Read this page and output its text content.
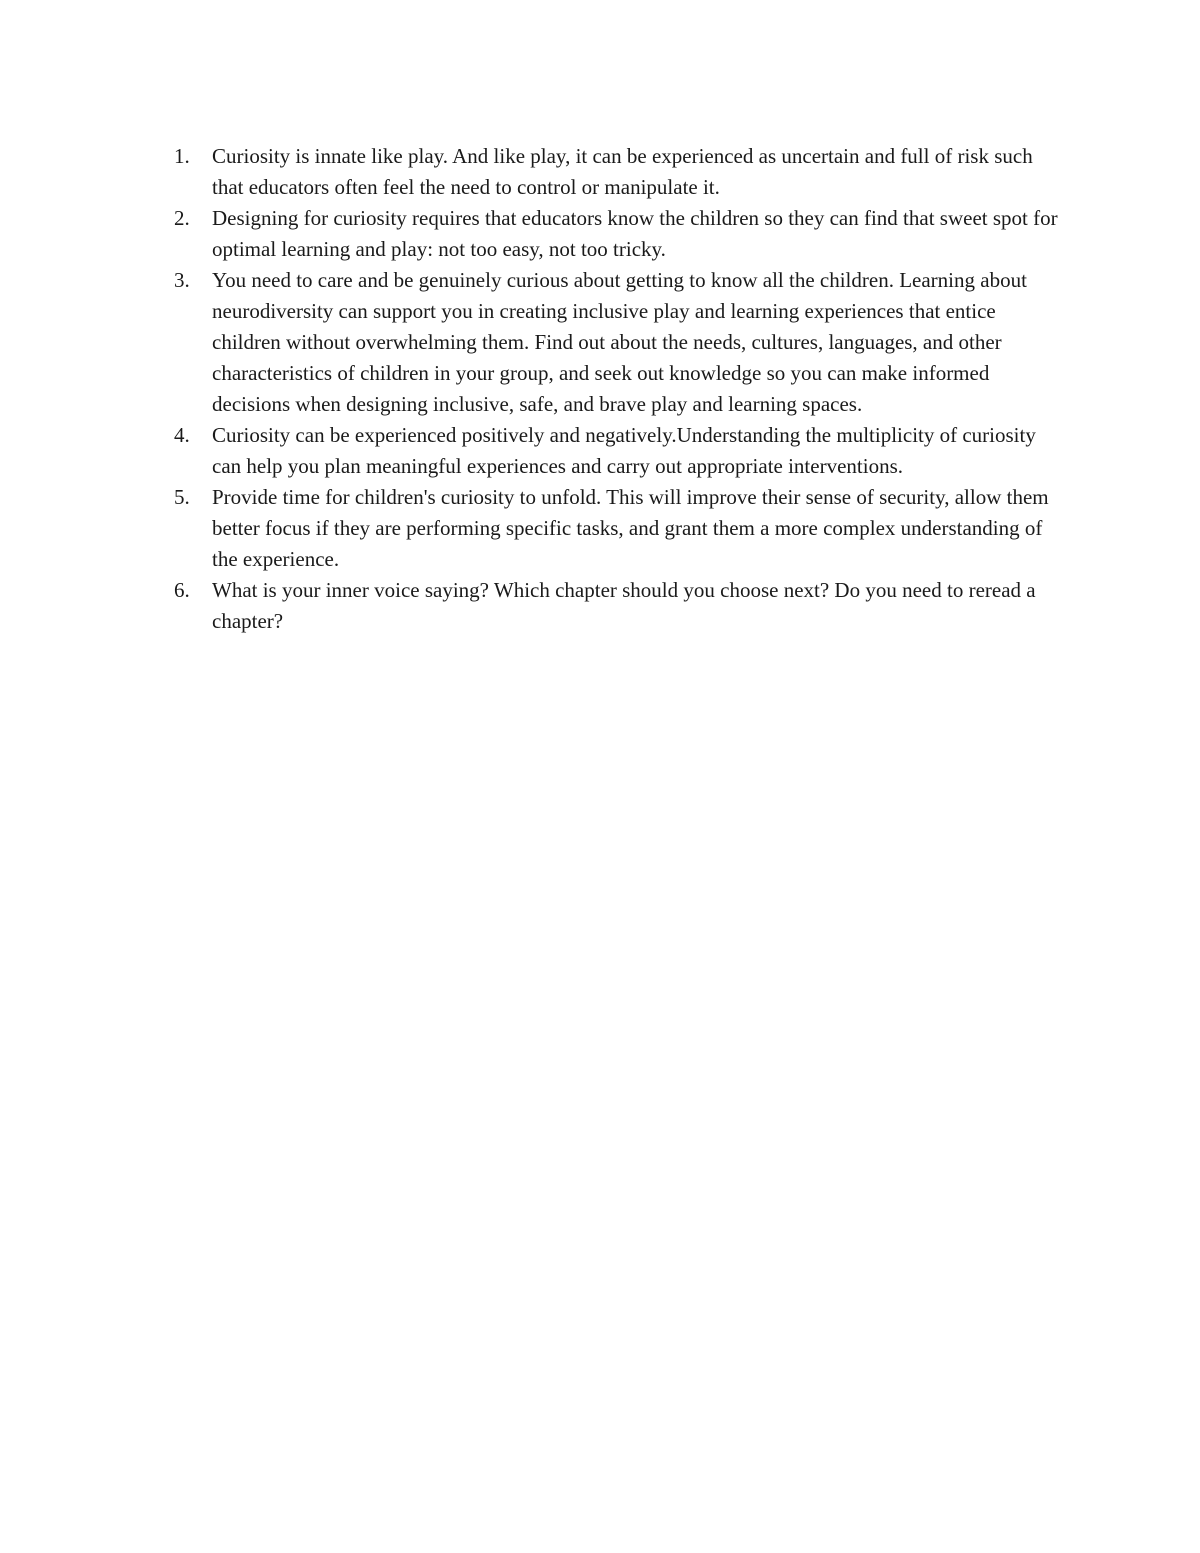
1.	Curiosity is innate like play. And like play, it can be experienced as uncertain and full of risk such that educators often feel the need to control or manipulate it.
2.	Designing for curiosity requires that educators know the children so they can find that sweet spot for optimal learning and play: not too easy, not too tricky.
3.	You need to care and be genuinely curious about getting to know all the children. Learning about neurodiversity can support you in creating inclusive play and learning experiences that entice children without overwhelming them. Find out about the needs, cultures, languages, and other characteristics of children in your group, and seek out knowledge so you can make informed decisions when designing inclusive, safe, and brave play and learning spaces.
4.	Curiosity can be experienced positively and negatively.Understanding the multiplicity of curiosity can help you plan meaningful experiences and carry out appropriate interventions.
5.	Provide time for children's curiosity to unfold. This will improve their sense of security, allow them better focus if they are performing specific tasks, and grant them a more complex understanding of the experience.
6.	What is your inner voice saying? Which chapter should you choose next? Do you need to reread a chapter?
